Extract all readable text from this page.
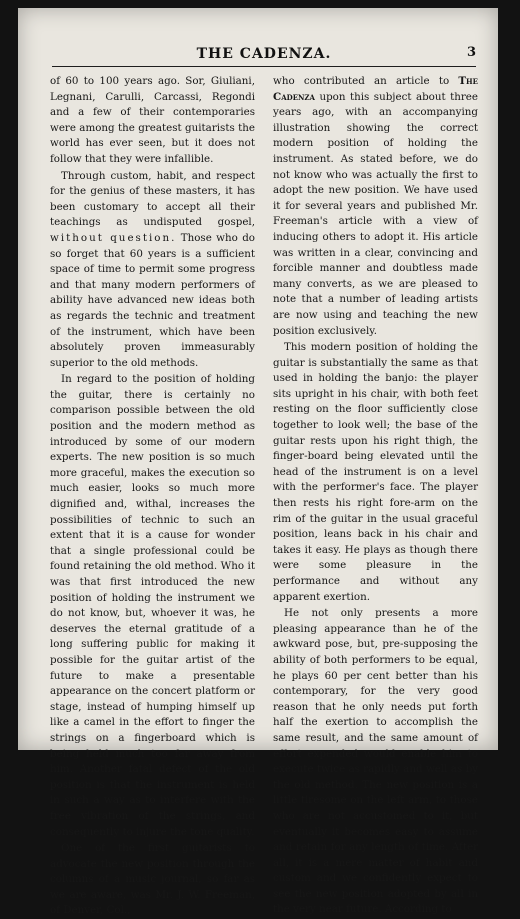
THE CADENZA.	3

of 60 to 100 years ago. Sor, Giuliani, Legnani, Carulli, Carcassi, Regondi and a few of their contemporaries were among the greatest guitarists the world has ever seen, but it does not follow that they were infallible.

Through custom, habit, and respect for the genius of these masters, it has been customary to accept all their teachings as undisputed gospel, without question. Those who do so forget that 60 years is a sufficient space of time to permit some progress and that many modern performers of ability have advanced new ideas both as regards the technic and treatment of the instrument, which have been absolutely proven immeasurably superior to the old methods.

In regard to the position of holding the guitar, there is certainly no comparison possible between the old position and the modern method as introduced by some of our modern experts. The new position is so much more graceful, makes the execution so much easier, looks so much more dignified and, withal, increases the possibilities of technic to such an extent that it is a cause for wonder that a single professional could be found retaining the old method. Who it was that first introduced the new position of holding the instrument we do not know, but, whoever it was, he deserves the eternal gratitude of a long suffering public for making it possible for the guitar artist of the future to make a presentable appearance on the concert platform or stage, instead of humping himself up like a camel in the effort to finger the strings on a fingerboard which is being held much too far away from him. Another fatal defect of the old position is that the instrument is held in such a way as to interfere with the free vibration of the strings, and consequently to injure the tone quality.

One of the first guitarists to advocate the new position through the columns of a music journal, so far as we are aware, was Mr. J. W. Freeman, of Denver, Col.,

who contributed an article to The Cadenza upon this subject about three years ago, with an accompanying illustration showing the correct modern position of holding the instrument. As stated before, we do not know who was actually the first to adopt the new position. We have used it for several years and published Mr. Freeman's article with a view of inducing others to adopt it. His article was written in a clear, convincing and forcible manner and doubtless made many converts, as we are pleased to note that a number of leading artists are now using and teaching the new position exclusively.

This modern position of holding the guitar is substantially the same as that used in holding the banjo: the player sits upright in his chair, with both feet resting on the floor sufficiently close together to look well; the base of the guitar rests upon his right thigh, the finger-board being elevated until the head of the instrument is on a level with the performer's face. The player then rests his right fore-arm on the rim of the guitar in the usual graceful position, leans back in his chair and takes it easy. He plays as though there were some pleasure in the performance and without any apparent exertion.

He not only presents a more pleasing appearance than he of the awkward pose, but, pre-supposing the ability of both performers to be equal, he plays 60 per cent better than his contemporary, for the very good reason that he only needs put forth half the exertion to accomplish the same result, and the same amount of effort expended would enable him to execute twice as rapidly and well as by the old method. The new position is a little tiresome on the left arm, to those who are not accustomed to it, but eventually it becomes easy to assume and retain for any length of time. After all, it is a mere matter of habit and custom and we confidently expect to see the new position adopted by all in the very near future. According to
